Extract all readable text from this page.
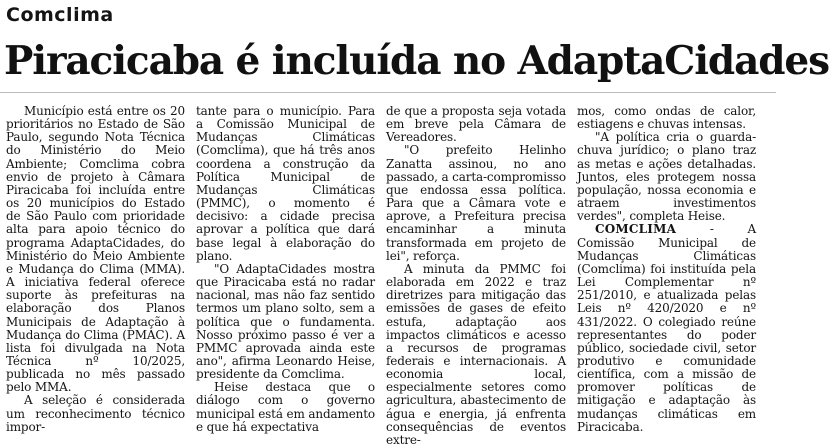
Comclima
Piracicaba é incluída no AdaptaCidades

Município está entre os 20 prioritários no Estado de São Paulo, segundo Nota Técnica do Ministério do Meio Ambiente; Comclima cobra envio de projeto à Câmara Piracicaba foi incluída entre os 20 municípios do Estado de São Paulo com prioridade alta para apoio técnico do programa AdaptaCidades, do Ministério do Meio Ambiente e Mudança do Clima (MMA). A iniciativa federal oferece suporte às prefeituras na elaboração dos Planos Municipais de Adaptação à Mudança do Clima (PMAC). A lista foi divulgada na Nota Técnica nº 10/2025, publicada no mês passado pelo MMA.

A seleção é considerada um reconhecimento técnico impor-

tante para o município. Para a Comissão Municipal de Mudanças Climáticas (Comclima), que há três anos coordena a construção da Política Municipal de Mudanças Climáticas (PMMC), o momento é decisivo: a cidade precisa aprovar a política que dará base legal à elaboração do plano.

"O AdaptaCidades mostra que Piracicaba está no radar nacional, mas não faz sentido termos um plano solto, sem a política que o fundamenta. Nosso próximo passo é ver a PMMC aprovada ainda este ano", afirma Leonardo Heise, presidente da Comclima.

Heise destaca que o diálogo com o governo municipal está em andamento e que há expectativa

de que a proposta seja votada em breve pela Câmara de Vereadores.

"O prefeito Helinho Zanatta assinou, no ano passado, a carta-compromisso que endossa essa política. Para que a Câmara vote e aprove, a Prefeitura precisa encaminhar a minuta transformada em projeto de lei", reforça.

A minuta da PMMC foi elaborada em 2022 e traz diretrizes para mitigação das emissões de gases de efeito estufa, adaptação aos impactos climáticos e acesso a recursos de programas federais e internacionais. A economia local, especialmente setores como agricultura, abastecimento de água e energia, já enfrenta consequências de eventos extre-

mos, como ondas de calor, estiagens e chuvas intensas.

"A política cria o guarda-chuva jurídico; o plano traz as metas e ações detalhadas. Juntos, eles protegem nossa população, nossa economia e atraem investimentos verdes", completa Heise.

COMCLIMA - A Comissão Municipal de Mudanças Climáticas (Comclima) foi instituída pela Lei Complementar nº 251/2010, e atualizada pelas Leis nº 420/2020 e nº 431/2022. O colegiado reúne representantes do poder público, sociedade civil, setor produtivo e comunidade científica, com a missão de promover políticas de mitigação e adaptação às mudanças climáticas em Piracicaba.
